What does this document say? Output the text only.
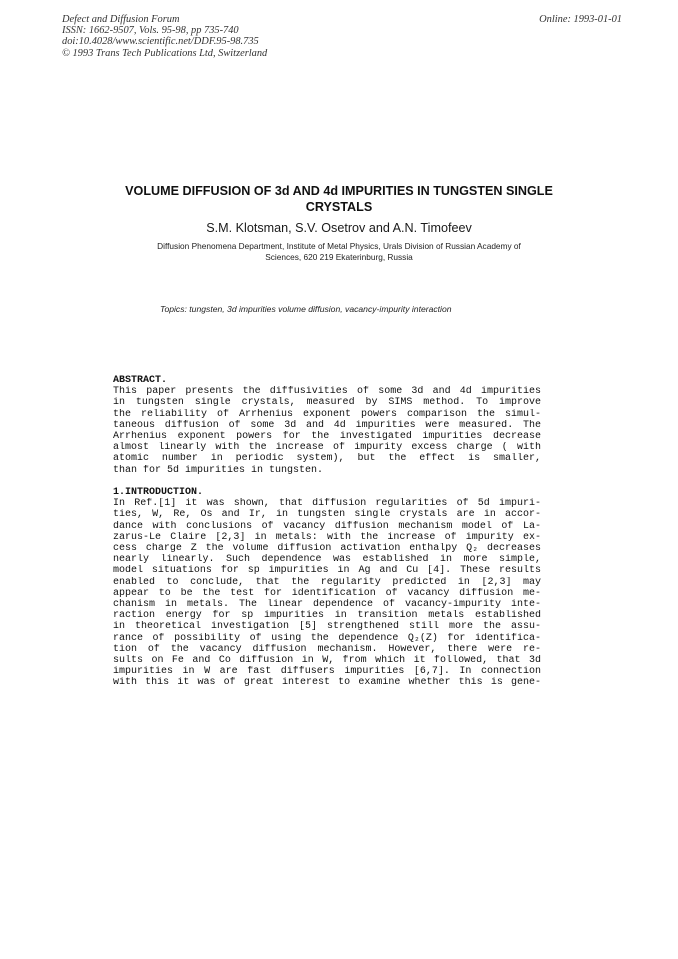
Defect and Diffusion Forum
ISSN: 1662-9507, Vols. 95-98, pp 735-740
doi:10.4028/www.scientific.net/DDF.95-98.735
© 1993 Trans Tech Publications Ltd, Switzerland
Online: 1993-01-01
VOLUME DIFFUSION OF 3d AND 4d IMPURITIES IN TUNGSTEN SINGLE
CRYSTALS
S.M. Klotsman, S.V. Osetrov and A.N. Timofeev
Diffusion Phenomena Department, Institute of Metal Physics, Urals Division of Russian Academy of
Sciences, 620 219 Ekaterinburg, Russia
Topics: tungsten, 3d impurities volume diffusion, vacancy-impurity interaction
ABSTRACT.
This paper presents the diffusivities of some 3d and 4d impurities
in tungsten single crystals, measured by SIMS method. To improve
the reliability of Arrhenius exponent powers comparison the simul-
taneous diffusion of some 3d and 4d impurities were measured. The
Arrhenius exponent powers for the investigated impurities decrease
almost linearly with the increase of impurity excess charge ( with
atomic number in periodic system), but the effect is smaller,
than for 5d impurities in tungsten.
1.INTRODUCTION.
In Ref.[1] it was shown, that diffusion regularities of 5d impuri-
ties, W, Re, Os and Ir, in tungsten single crystals are in accor-
dance with conclusions of vacancy diffusion mechanism model of La-
zarus-Le Claire [2,3] in metals: with the increase of impurity ex-
cess charge Z the volume diffusion activation enthalpy Q₂ decreases
nearly linearly. Such dependence was established in more simple,
model situations for sp impurities in Ag and Cu [4]. These results
enabled to conclude, that the regularity predicted in [2,3] may
appear to be the test for identification of vacancy diffusion me-
chanism in metals. The linear dependence of vacancy-impurity inte-
raction energy for sp impurities in transition metals established
in theoretical investigation [5] strengthened still more the assu-
rance of possibility of using the dependence Q₂(Z) for identifica-
tion of the vacancy diffusion mechanism. However, there were re-
sults on Fe and Co diffusion in W, from which it followed, that 3d
impurities in W are fast diffusers impurities [6,7]. In connection
with this it was of great interest to examine whether this is gene-
